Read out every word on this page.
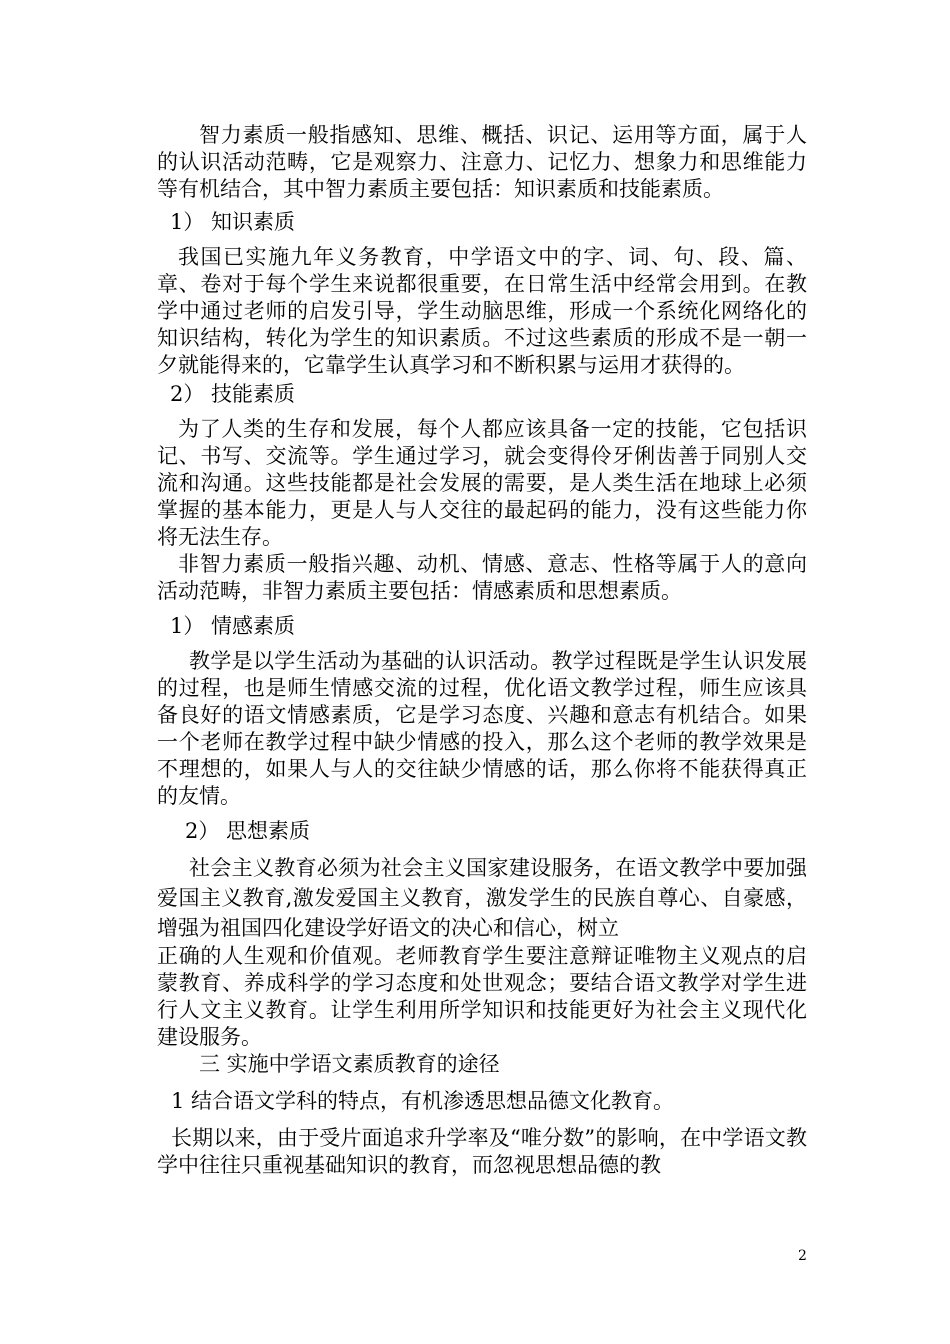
智力素质一般指感知、思维、概括、识记、运用等方面，属于人的认识活动范畴，它是观察力、注意力、记忆力、想象力和思维能力等有机结合，其中智力素质主要包括：知识素质和技能素质。

1） 知识素质

我国已实施九年义务教育，中学语文中的字、词、句、段、篇、章、卷对于每个学生来说都很重要，在日常生活中经常会用到。在教学中通过老师的启发引导，学生动脑思维，形成一个系统化网络化的知识结构，转化为学生的知识素质。不过这些素质的形成不是一朝一夕就能得来的，它靠学生认真学习和不断积累与运用才获得的。

2） 技能素质

为了人类的生存和发展，每个人都应该具备一定的技能，它包括识记、书写、交流等。学生通过学习，就会变得伶牙俐齿善于同别人交流和沟通。这些技能都是社会发展的需要，是人类生活在地球上必须掌握的基本能力，更是人与人交往的最起码的能力，没有这些能力你将无法生存。

非智力素质一般指兴趣、动机、情感、意志、性格等属于人的意向活动范畴，非智力素质主要包括：情感素质和思想素质。

1） 情感素质

教学是以学生活动为基础的认识活动。教学过程既是学生认识发展的过程，也是师生情感交流的过程，优化语文教学过程，师生应该具备良好的语文情感素质，它是学习态度、兴趣和意志有机结合。如果一个老师在教学过程中缺少情感的投入，那么这个老师的教学效果是不理想的，如果人与人的交往缺少情感的话，那么你将不能获得真正的友情。

2） 思想素质

社会主义教育必须为社会主义国家建设服务，在语文教学中要加强爱国主义教育,激发爱国主义教育，激发学生的民族自尊心、自豪感，增强为祖国四化建设学好语文的决心和信心，树立

正确的人生观和价值观。老师教育学生要注意辩证唯物主义观点的启蒙教育、养成科学的学习态度和处世观念；要结合语文教学对学生进行人文主义教育。让学生利用所学知识和技能更好为社会主义现代化建设服务。

三 实施中学语文素质教育的途径

1 结合语文学科的特点，有机渗透思想品德文化教育。

长期以来，由于受片面追求升学率及“唯分数”的影响，在中学语文教学中往往只重视基础知识的教育，而忽视思想品德的教

2
